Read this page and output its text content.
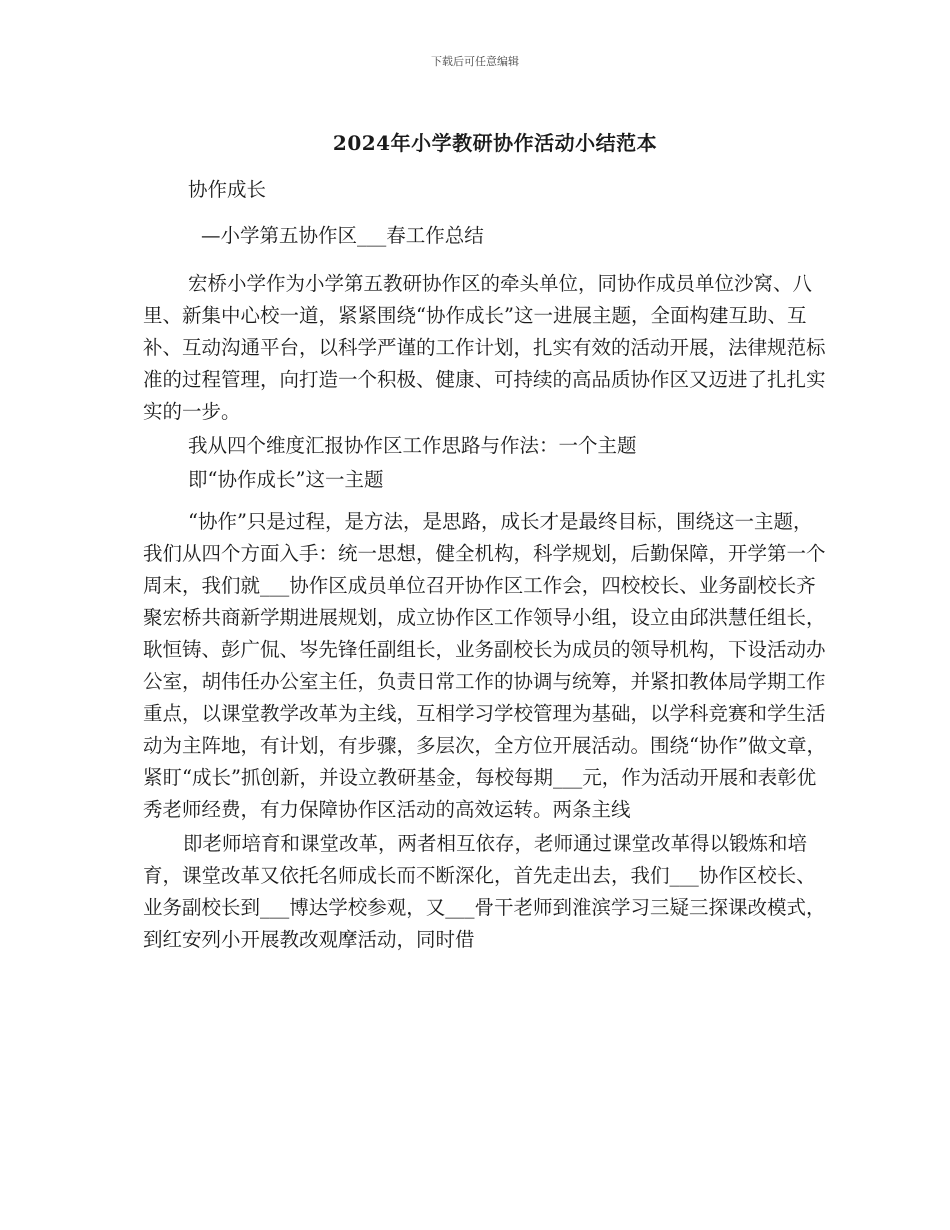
下载后可任意编辑
2024年小学教研协作活动小结范本

协作成长

—小学第五协作区___春工作总结

宏桥小学作为小学第五教研协作区的牵头单位，同协作成员单位沙窝、八里、新集中心校一道，紧紧围绕“协作成长”这一进展主题，全面构建互助、互补、互动沟通平台，以科学严谨的工作计划，扎实有效的活动开展，法律规范标准的过程管理，向打造一个积极、健康、可持续的高品质协作区又迈进了扎扎实实的一步。

我从四个维度汇报协作区工作思路与作法：一个主题

即“协作成长”这一主题

“协作”只是过程，是方法，是思路，成长才是最终目标，围绕这一主题，我们从四个方面入手：统一思想，健全机构，科学规划，后勤保障，开学第一个周末，我们就___协作区成员单位召开协作区工作会，四校校长、业务副校长齐聚宏桥共商新学期进展规划，成立协作区工作领导小组，设立由邱洪慧任组长，耿恒铸、彭广侃、岑先锋任副组长，业务副校长为成员的领导机构，下设活动办公室，胡伟任办公室主任，负责日常工作的协调与统筹，并紧扣教体局学期工作重点，以课堂教学改革为主线，互相学习学校管理为基础，以学科竞赛和学生活动为主阵地，有计划，有步骤，多层次，全方位开展活动。围绕“协作”做文章，紧盯“成长”抓创新，并设立教研基金，每校每期___元，作为活动开展和表彰优秀老师经费，有力保障协作区活动的高效运转。两条主线

即老师培育和课堂改革，两者相互依存，老师通过课堂改革得以锻炼和培育，课堂改革又依托名师成长而不断深化，首先走出去，我们___协作区校长、业务副校长到___博达学校参观，又___骨干老师到淮滨学习三疑三探课改模式，到红安列小开展教改观摩活动，同时借
